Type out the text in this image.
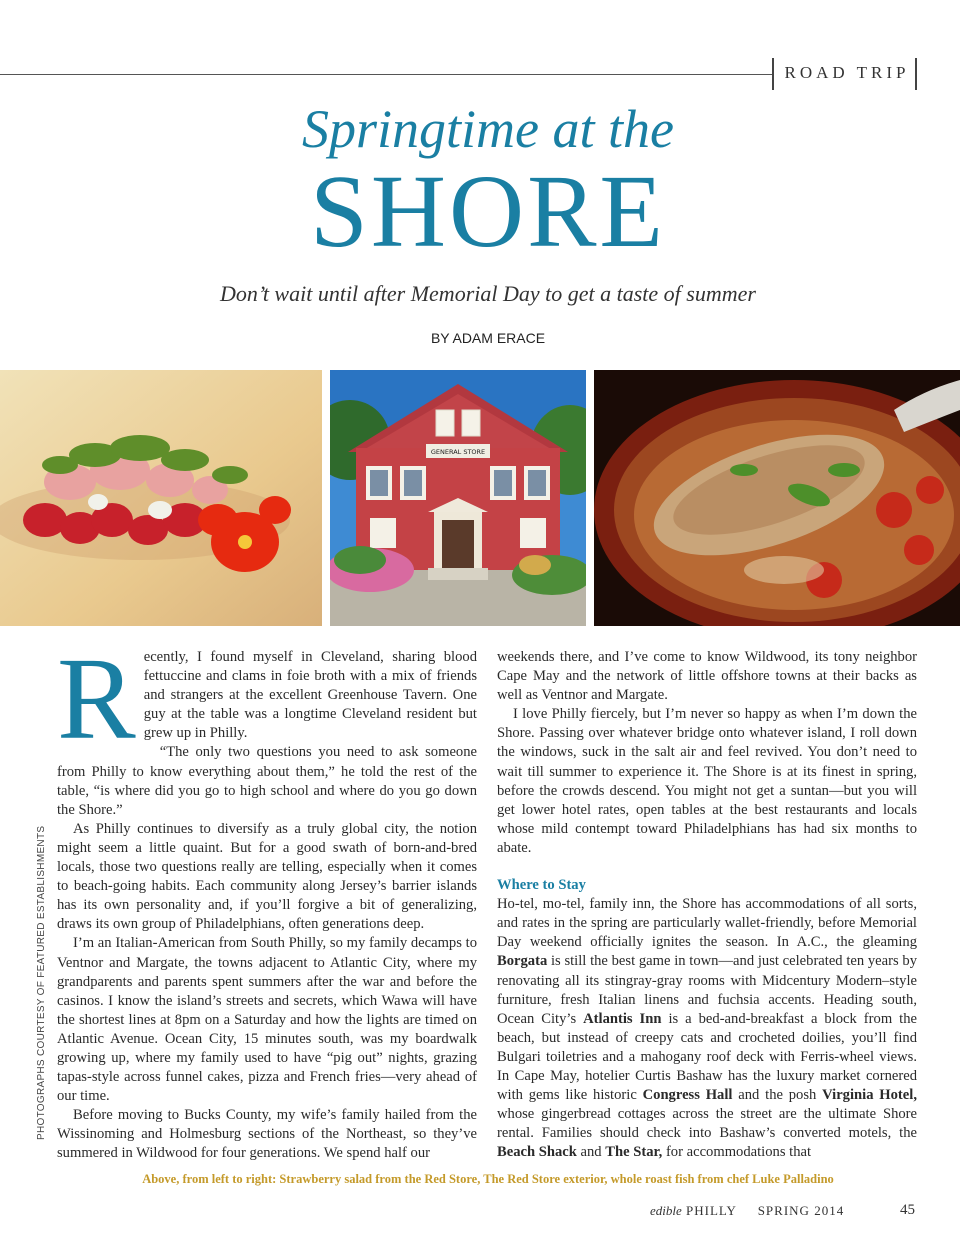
ROAD TRIP
Springtime at the
SHORE
Don’t wait until after Memorial Day to get a taste of summer
BY ADAM ERACE
GENERAL STORE
PHOTOGRAPHS COURTESY OF FEATURED ESTABLISHMENTS

Recently, I found myself in Cleveland, sharing blood fettuccine and clams in foie broth with a mix of friends and strangers at the excellent Greenhouse Tavern. One guy at the table was a longtime Cleveland resident but grew up in Philly.

“The only two questions you need to ask someone from Philly to know everything about them,” he told the rest of the table, “is where did you go to high school and where do you go down the Shore.”

As Philly continues to diversify as a truly global city, the notion might seem a little quaint. But for a good swath of born-and-bred locals, those two questions really are telling, especially when it comes to beach-going habits. Each community along Jersey’s barrier islands has its own personality and, if you’ll forgive a bit of generalizing, draws its own group of Philadelphians, often generations deep.

I’m an Italian-American from South Philly, so my family decamps to Ventnor and Margate, the towns adjacent to Atlantic City, where my grandparents and parents spent summers after the war and before the casinos. I know the island’s streets and secrets, which Wawa will have the shortest lines at 8pm on a Saturday and how the lights are timed on Atlantic Avenue. Ocean City, 15 minutes south, was my boardwalk growing up, where my family used to have “pig out” nights, grazing tapas-style across funnel cakes, pizza and French fries—very ahead of our time.

Before moving to Bucks County, my wife’s family hailed from the Wissinoming and Holmesburg sections of the Northeast, so they’ve summered in Wildwood for four generations. We spend half our

weekends there, and I’ve come to know Wildwood, its tony neighbor Cape May and the network of little offshore towns at their backs as well as Ventnor and Margate.

I love Philly fiercely, but I’m never so happy as when I’m down the Shore. Passing over whatever bridge onto whatever island, I roll down the windows, suck in the salt air and feel revived. You don’t need to wait till summer to experience it. The Shore is at its finest in spring, before the crowds descend. You might not get a suntan—but you will get lower hotel rates, open tables at the best restaurants and locals whose mild contempt toward Philadelphians has had six months to abate.

Where to Stay

Ho-tel, mo-tel, family inn, the Shore has accommodations of all sorts, and rates in the spring are particularly wallet-friendly, before Memorial Day weekend officially ignites the season. In A.C., the gleaming Borgata is still the best game in town—and just celebrated ten years by renovating all its stingray-gray rooms with Midcentury Modern–style furniture, fresh Italian linens and fuchsia accents. Heading south, Ocean City’s Atlantis Inn is a bed-and-breakfast a block from the beach, but instead of creepy cats and crocheted doilies, you’ll find Bulgari toiletries and a mahogany roof deck with Ferris-wheel views. In Cape May, hotelier Curtis Bashaw has the luxury market cornered with gems like historic Congress Hall and the posh Virginia Hotel, whose gingerbread cottages across the street are the ultimate Shore rental. Families should check into Bashaw’s converted motels, the Beach Shack and The Star, for accommodations that

Above, from left to right: Strawberry salad from the Red Store, The Red Store exterior, whole roast fish from chef Luke Palladino
edible PHILLY SPRING 2014	45
